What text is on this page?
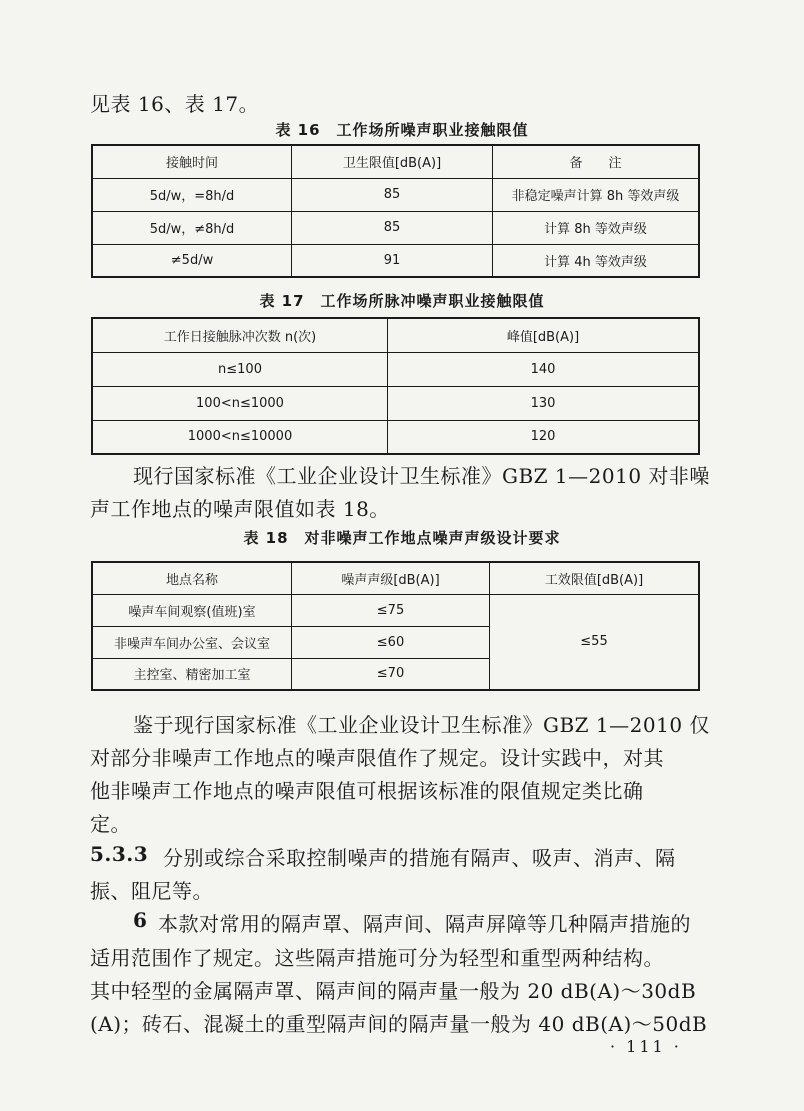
见表 16、表 17。
表 16　工作场所噪声职业接触限值
接触时间	卫生限值[dB(A)]	备　　注
5d/w，=8h/d	85	非稳定噪声计算 8h 等效声级
5d/w，≠8h/d	85	计算 8h 等效声级
≠5d/w	91	计算 4h 等效声级
表 17　工作场所脉冲噪声职业接触限值
工作日接触脉冲次数 n(次)	峰值[dB(A)]
n≤100	140
100<n≤1000	130
1000<n≤10000	120
现行国家标准《工业企业设计卫生标准》GBZ 1—2010 对非噪
声工作地点的噪声限值如表 18。
表 18　对非噪声工作地点噪声声级设计要求
地点名称	噪声声级[dB(A)]	工效限值[dB(A)]
噪声车间观察(值班)室	≤75	≤55
非噪声车间办公室、会议室	≤60	
主控室、精密加工室	≤70	
鉴于现行国家标准《工业企业设计卫生标准》GBZ 1—2010 仅
对部分非噪声工作地点的噪声限值作了规定。设计实践中，对其
他非噪声工作地点的噪声限值可根据该标准的限值规定类比确
定。
5.3.3 分别或综合采取控制噪声的措施有隔声、吸声、消声、隔
振、阻尼等。
6 本款对常用的隔声罩、隔声间、隔声屏障等几种隔声措施的
适用范围作了规定。这些隔声措施可分为轻型和重型两种结构。
其中轻型的金属隔声罩、隔声间的隔声量一般为 20 dB(A)～30dB
(A)；砖石、混凝土的重型隔声间的隔声量一般为 40 dB(A)～50dB
· 111 ·
